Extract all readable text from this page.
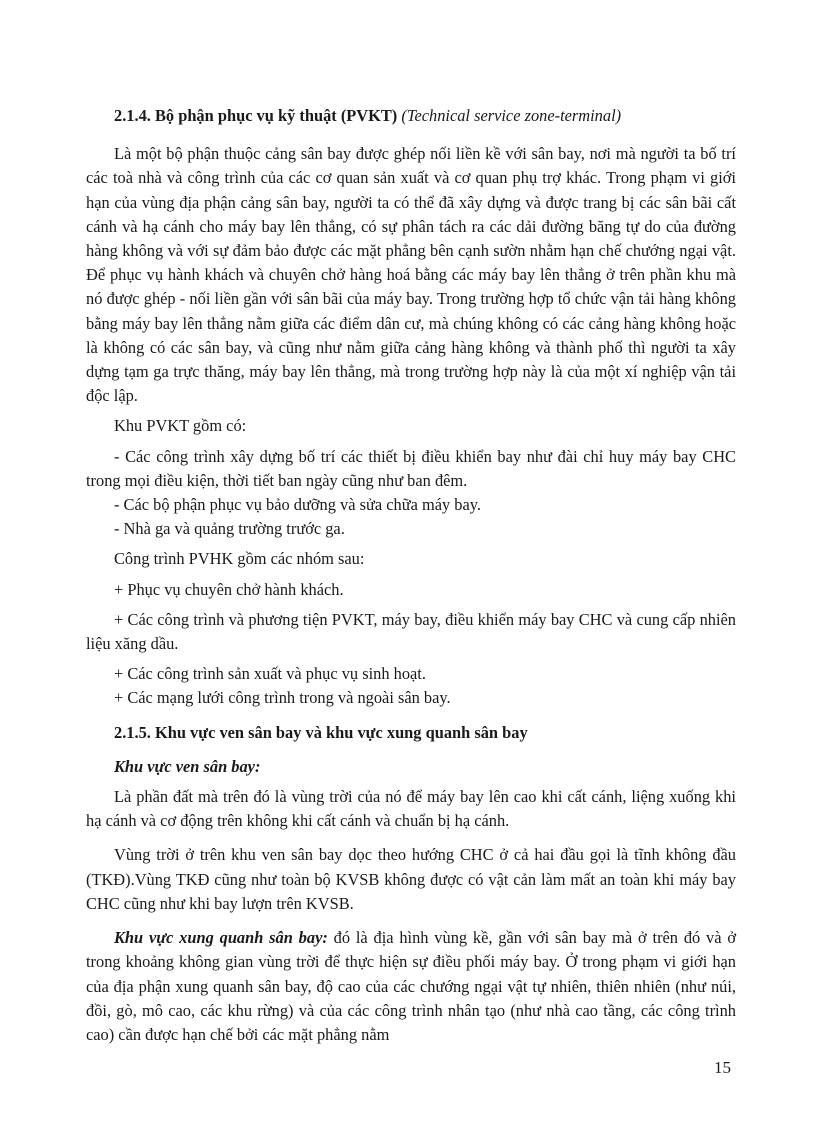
2.1.4. Bộ phận phục vụ kỹ thuật (PVKT) (Technical service zone-terminal)

Là một bộ phận thuộc cảng sân bay được ghép nối liền kề với sân bay, nơi mà người ta bố trí các toà nhà và công trình của các cơ quan sản xuất và cơ quan phụ trợ khác. Trong phạm vi giới hạn của vùng địa phận cảng sân bay, người ta có thể đã xây dựng và được trang bị các sân bãi cất cánh và hạ cánh cho máy bay lên thẳng, có sự phân tách ra các dải đường băng tự do của đường hàng không và với sự đảm bảo được các mặt phẳng bên cạnh sườn nhằm hạn chế chướng ngại vật. Để phục vụ hành khách và chuyên chở hàng hoá bằng các máy bay lên thẳng ở trên phần khu mà nó được ghép - nối liền gần với sân bãi của máy bay. Trong trường hợp tổ chức vận tải hàng không bằng máy bay lên thẳng nằm giữa các điểm dân cư, mà chúng không có các cảng hàng không hoặc là không có các sân bay, và cũng như nằm giữa cảng hàng không và thành phố thì người ta xây dựng tạm ga trực thăng, máy bay lên thẳng, mà trong trường hợp này là của một xí nghiệp vận tải độc lập.

Khu PVKT gồm có:

- Các công trình xây dựng bố trí các thiết bị điều khiển bay như đài chỉ huy máy bay CHC trong mọi điều kiện, thời tiết ban ngày cũng như ban đêm.

- Các bộ phận phục vụ bảo dưỡng và sửa chữa máy bay.

- Nhà ga và quảng trường trước ga.

Công trình PVHK gồm các nhóm sau:

+ Phục vụ chuyên chở hành khách.

+ Các công trình và phương tiện PVKT, máy bay, điều khiển máy bay CHC và cung cấp nhiên liệu xăng dầu.

+ Các công trình sản xuất và phục vụ sinh hoạt.

+ Các mạng lưới công trình trong và ngoài sân bay.

2.1.5. Khu vực ven sân bay và khu vực xung quanh sân bay

Khu vực ven sân bay:

Là phần đất mà trên đó là vùng trời của nó để máy bay lên cao khi cất cánh, liệng xuống khi hạ cánh và cơ động trên không khi cất cánh và chuẩn bị hạ cánh.

Vùng trời ở trên khu ven sân bay dọc theo hướng CHC ở cả hai đầu gọi là tĩnh không đầu (TKĐ).Vùng TKĐ cũng như toàn bộ KVSB không được có vật cản làm mất an toàn khi máy bay CHC cũng như khi bay lượn trên KVSB.

Khu vực xung quanh sân bay: đó là địa hình vùng kề, gần với sân bay mà ở trên đó và ở trong khoảng không gian vùng trời để thực hiện sự điều phối máy bay. Ở trong phạm vi giới hạn của địa phận xung quanh sân bay, độ cao của các chướng ngại vật tự nhiên, thiên nhiên (như núi, đồi, gò, mô cao, các khu rừng) và của các công trình nhân tạo (như nhà cao tầng, các công trình cao) cần được hạn chế bởi các mặt phẳng nằm

15
